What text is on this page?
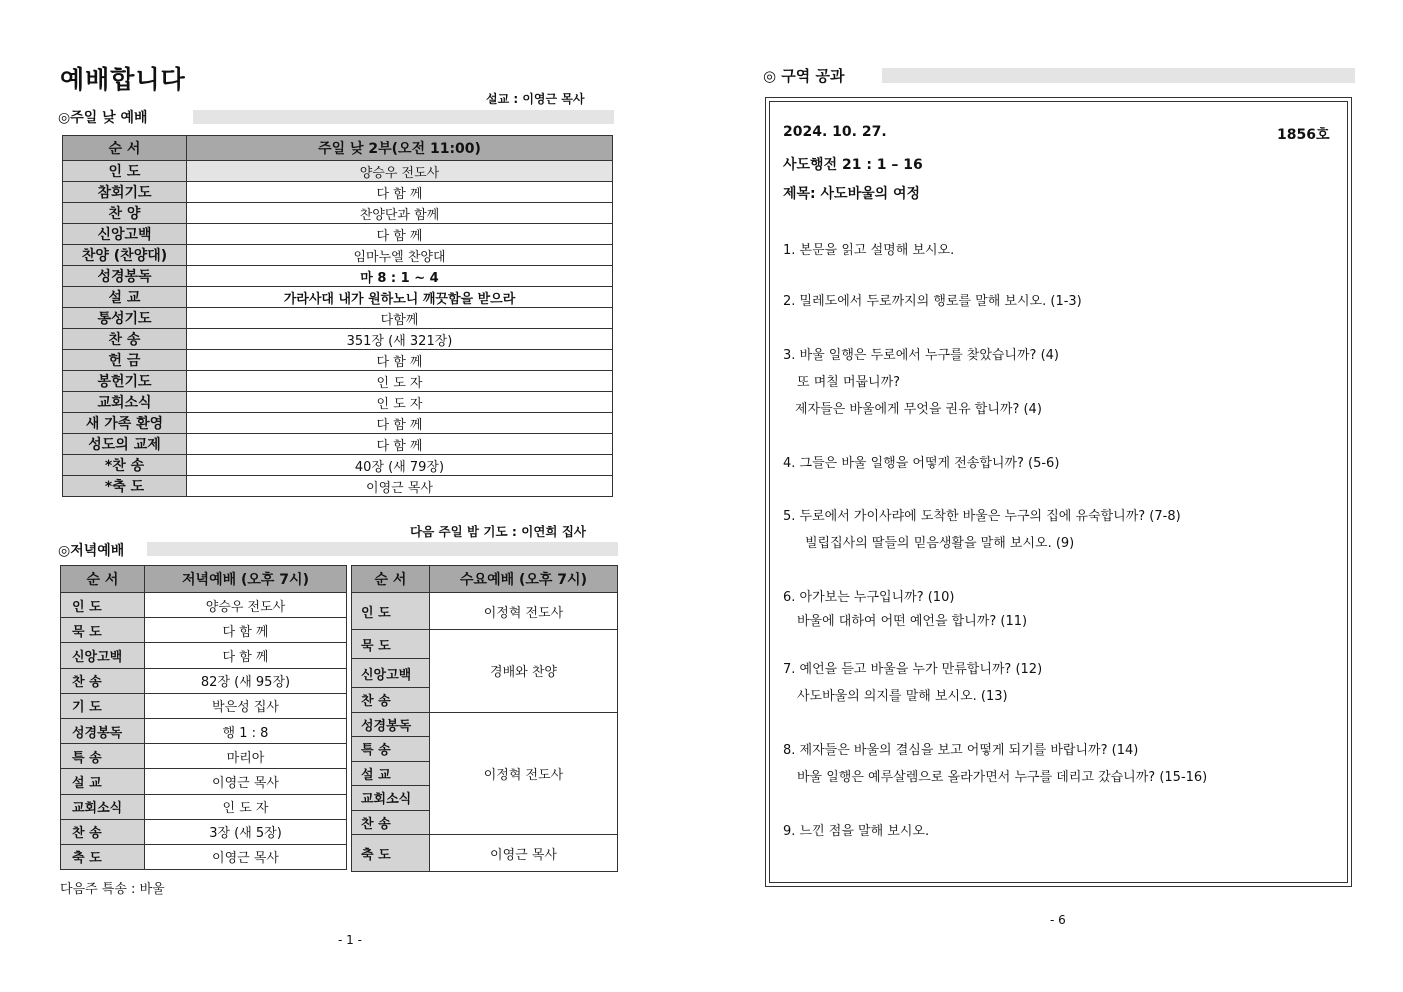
예배합니다
설교 : 이영근 목사
◎주일 낮 예배
순 서	주일 낮 2부(오전 11:00)
인 도	양승우 전도사
참회기도	다 함 께
찬 양	찬양단과 함께
신앙고백	다 함 께
찬양 (찬양대)	임마누엘 찬양대
성경봉독	마 8 : 1 ~ 4
설 교	가라사대 내가 원하노니 깨끗함을 받으라
통성기도	다함께
찬 송	351장 (새 321장)
헌 금	다 함 께
봉헌기도	인 도 자
교회소식	인 도 자
새 가족 환영	다 함 께
성도의 교제	다 함 께
*찬 송	40장 (새 79장)
*축 도	이영근 목사
다음 주일 밤 기도 : 이연희 집사
◎저녁예배
순 서	저녁예배 (오후 7시)
인 도	양승우 전도사
묵 도	다 함 께
신앙고백	다 함 께
찬 송	82장 (새 95장)
기 도	박은성 집사
성경봉독	행 1 : 8
특 송	마리아
설 교	이영근 목사
교회소식	인 도 자
찬 송	3장 (새 5장)
축 도	이영근 목사
순 서	수요예배 (오후 7시)
인 도	이정혁 전도사
묵 도	경배와 찬양
신앙고백	
찬 송	
성경봉독	이정혁 전도사
특 송	
설 교	
교회소식	
찬 송	
축 도	이영근 목사
다음주 특송 : 바울
- 1 -
◎ 구역 공과
2024. 10. 27.	1856호
사도행전 21 : 1 – 16
제목: 사도바울의 여정
1. 본문을 읽고 설명해 보시오.
2. 밀레도에서 두로까지의 행로를 말해 보시오. (1-3)
3. 바울 일행은 두로에서 누구를 찾았습니까? (4)
또 며칠 머뭅니까?
제자들은 바울에게 무엇을 권유 합니까? (4)
4. 그들은 바울 일행을 어떻게 전송합니까? (5-6)
5. 두로에서 가이사랴에 도착한 바울은 누구의 집에 유숙합니까? (7-8)
빌립집사의 딸들의 믿음생활을 말해 보시오. (9)
6. 아가보는 누구입니까? (10)
바울에 대하여 어떤 예언을 합니까? (11)
7. 예언을 듣고 바울을 누가 만류합니까? (12)
사도바울의 의지를 말해 보시오. (13)
8. 제자들은 바울의 결심을 보고 어떻게 되기를 바랍니까? (14)
바울 일행은 예루살렘으로 올라가면서 누구를 데리고 갔습니까? (15-16)
9. 느낀 점을 말해 보시오.
- 6
